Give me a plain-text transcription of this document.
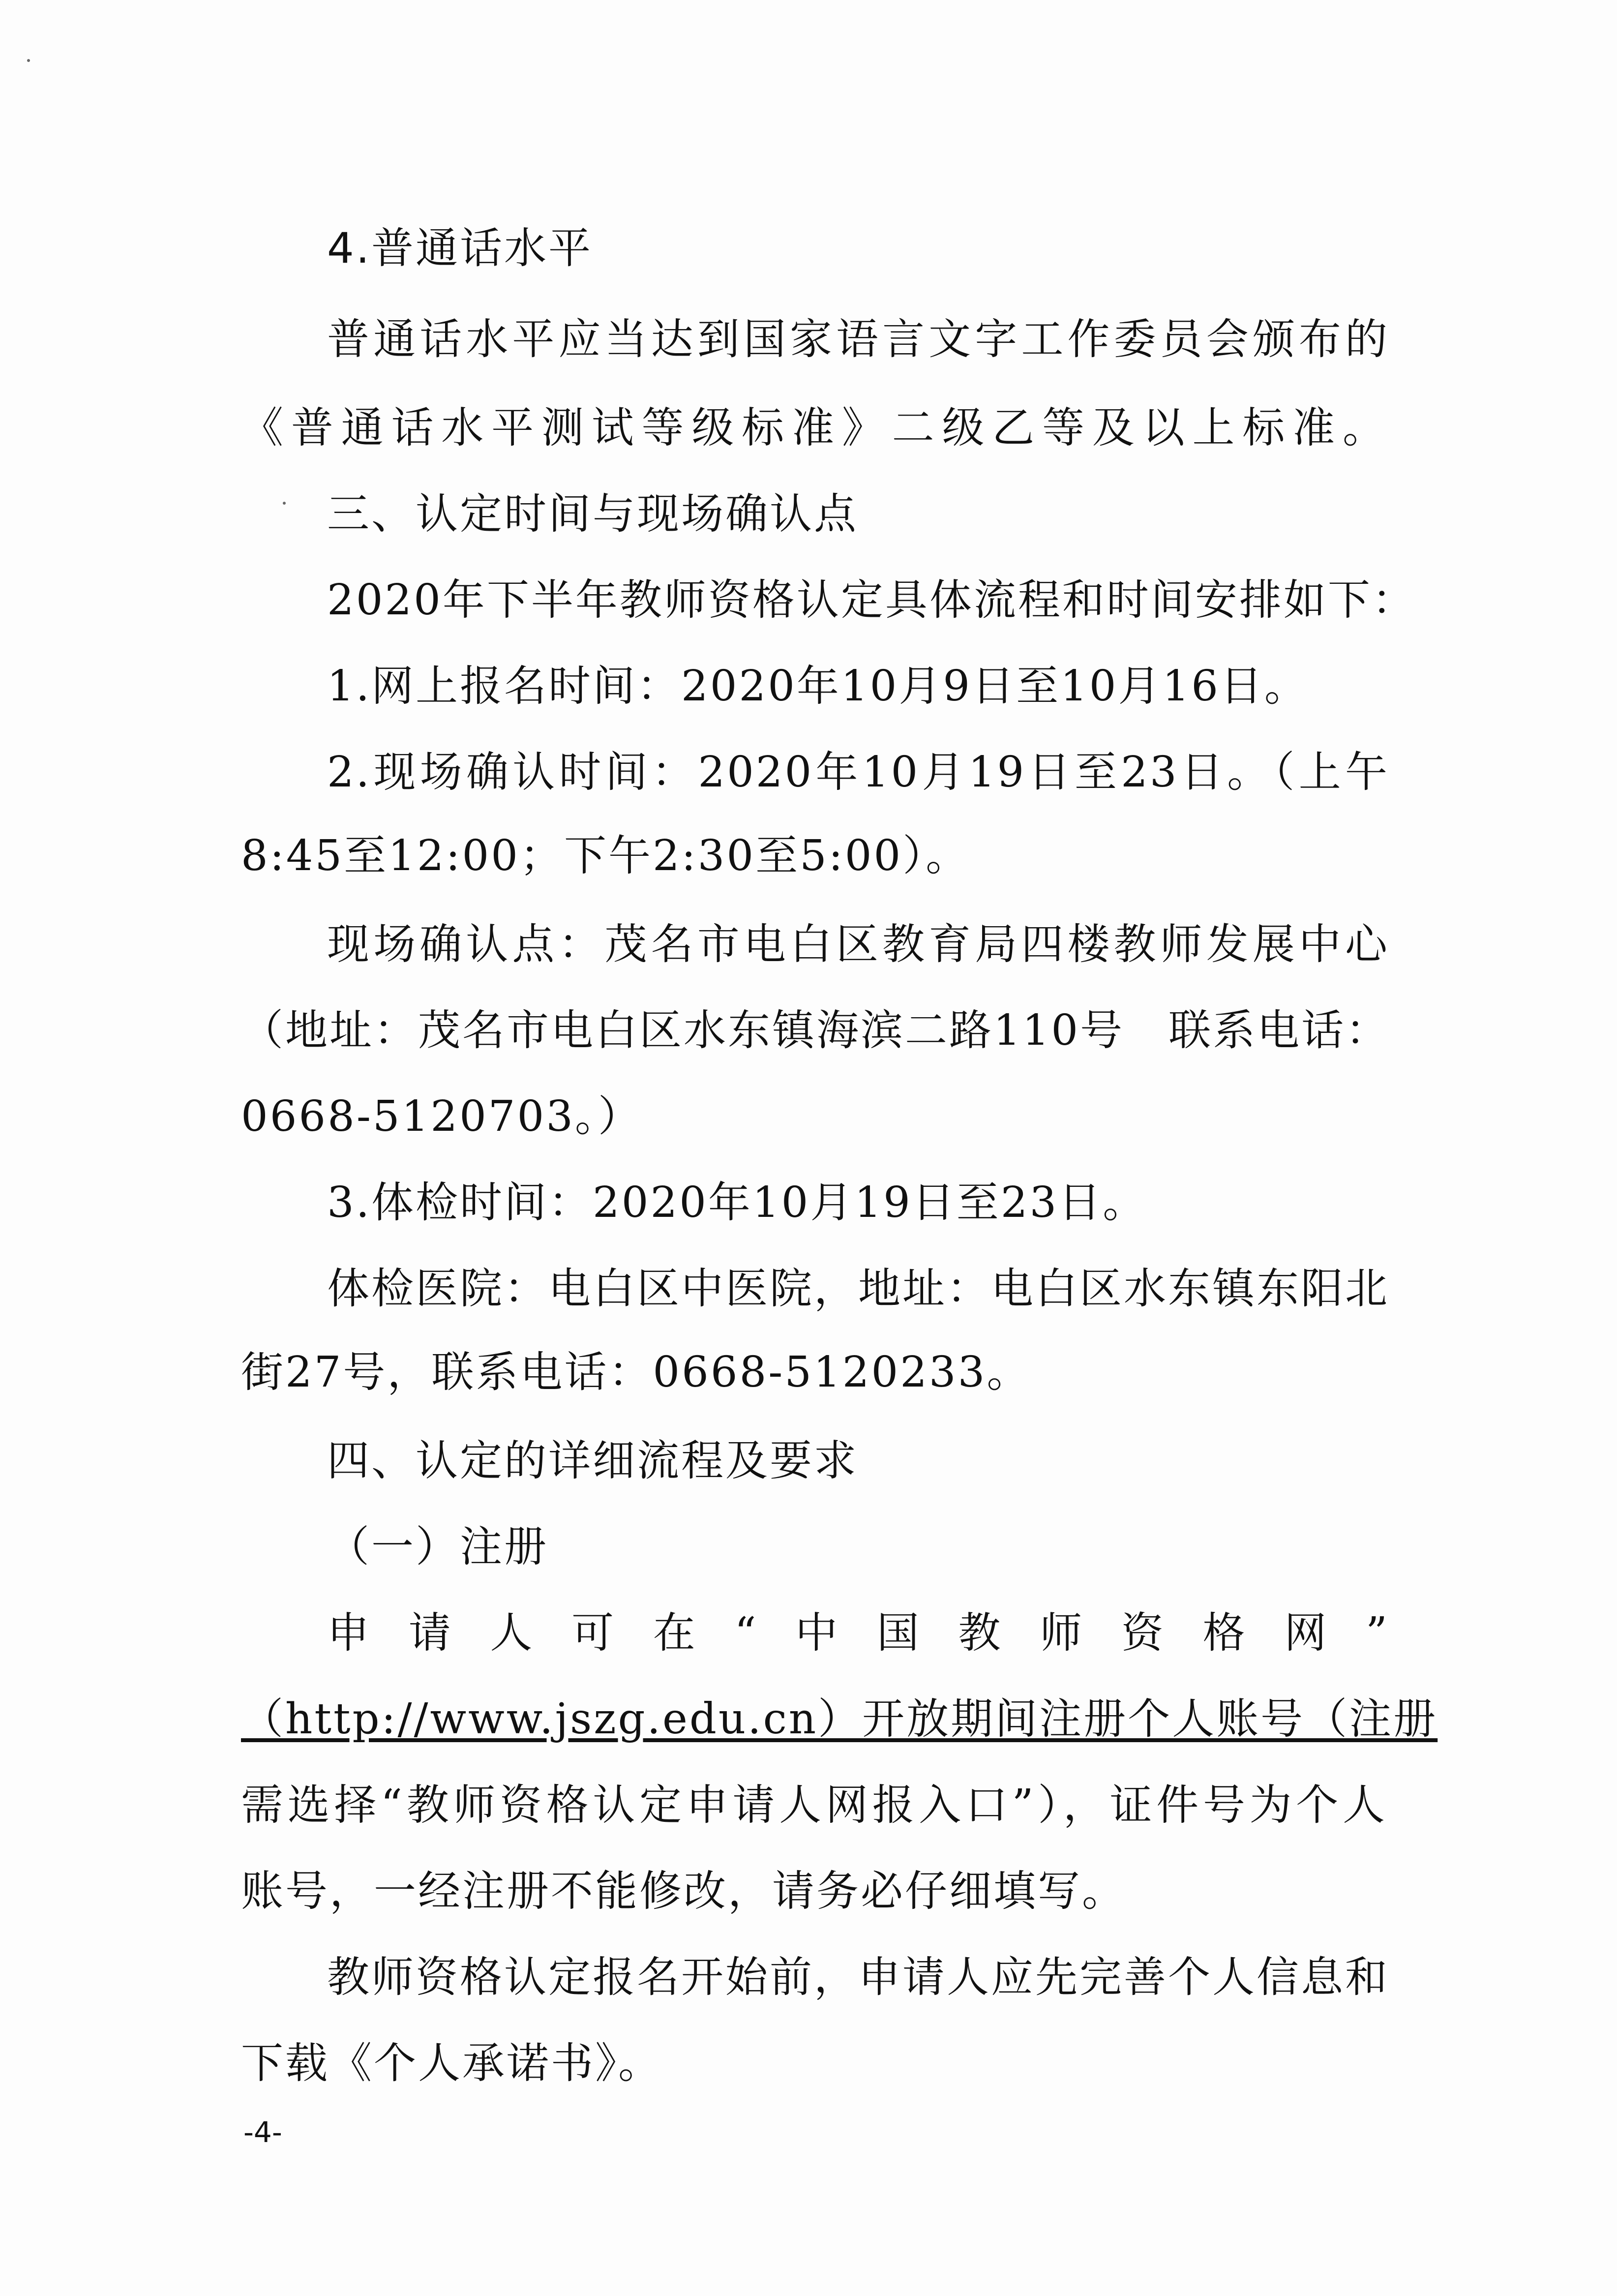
4.普通话水平
普通话水平应当达到国家语言文字工作委员会颁布的
《普通话水平测试等级标准》二级乙等及以上标准。
三、认定时间与现场确认点
2020年下半年教师资格认定具体流程和时间安排如下：
1.网上报名时间：2020年10月9日至10月16日。
2.现场确认时间：2020年10月19日至23日。（上午
8:45至12:00；下午2:30至5:00）。
现场确认点：茂名市电白区教育局四楼教师发展中心
（地址：茂名市电白区水东镇海滨二路110号　联系电话：
0668-5120703。）
3.体检时间：2020年10月19日至23日。
体检医院：电白区中医院，地址：电白区水东镇东阳北
街27号，联系电话：0668-5120233。
四、认定的详细流程及要求
（一）注册
申请人可在“中国教师资格网”
（http://www.jszg.edu.cn）开放期间注册个人账号（注册
需选择“教师资格认定申请人网报入口”），证件号为个人
账号，一经注册不能修改，请务必仔细填写。
教师资格认定报名开始前，申请人应先完善个人信息和
下载《个人承诺书》。
-4-
